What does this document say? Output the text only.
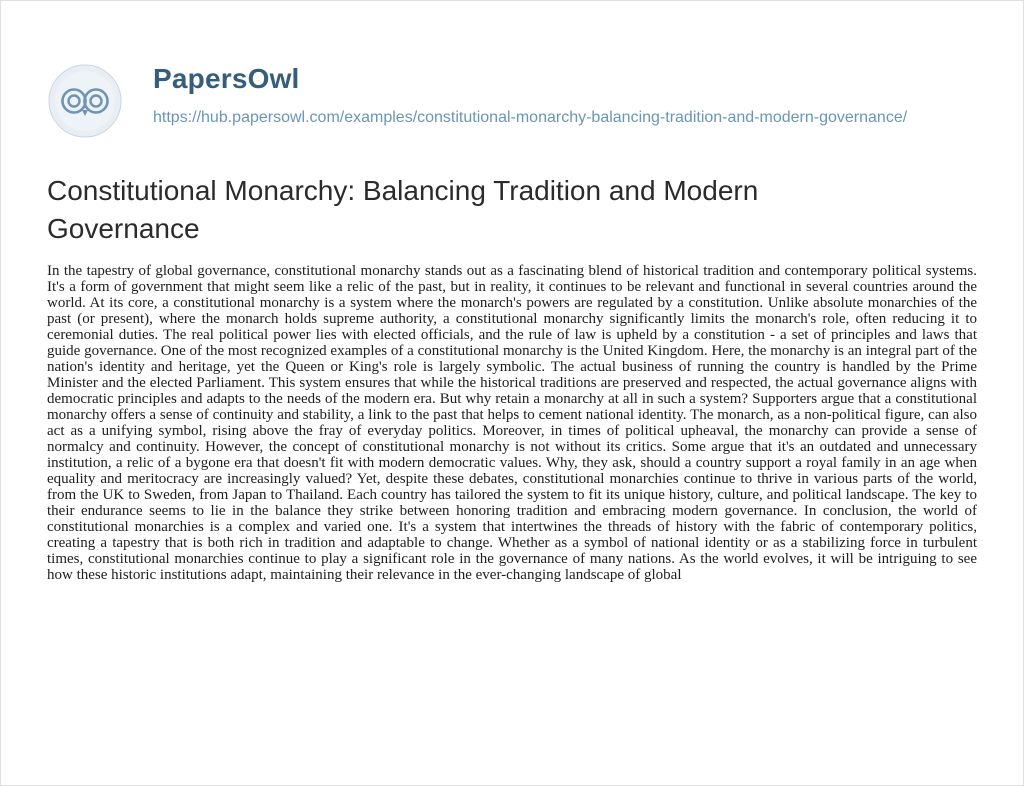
PapersOwl
https://hub.papersowl.com/examples/constitutional-monarchy-balancing-tradition-and-modern-governance/
Constitutional Monarchy: Balancing Tradition and Modern Governance

In the tapestry of global governance, constitutional monarchy stands out as a fascinating blend of historical tradition and contemporary political systems. It's a form of government that might seem like a relic of the past, but in reality, it continues to be relevant and functional in several countries around the world. At its core, a constitutional monarchy is a system where the monarch's powers are regulated by a constitution. Unlike absolute monarchies of the past (or present), where the monarch holds supreme authority, a constitutional monarchy significantly limits the monarch's role, often reducing it to ceremonial duties. The real political power lies with elected officials, and the rule of law is upheld by a constitution - a set of principles and laws that guide governance. One of the most recognized examples of a constitutional monarchy is the United Kingdom. Here, the monarchy is an integral part of the nation's identity and heritage, yet the Queen or King's role is largely symbolic. The actual business of running the country is handled by the Prime Minister and the elected Parliament. This system ensures that while the historical traditions are preserved and respected, the actual governance aligns with democratic principles and adapts to the needs of the modern era. But why retain a monarchy at all in such a system? Supporters argue that a constitutional monarchy offers a sense of continuity and stability, a link to the past that helps to cement national identity. The monarch, as a non-political figure, can also act as a unifying symbol, rising above the fray of everyday politics. Moreover, in times of political upheaval, the monarchy can provide a sense of normalcy and continuity. However, the concept of constitutional monarchy is not without its critics. Some argue that it's an outdated and unnecessary institution, a relic of a bygone era that doesn't fit with modern democratic values. Why, they ask, should a country support a royal family in an age when equality and meritocracy are increasingly valued? Yet, despite these debates, constitutional monarchies continue to thrive in various parts of the world, from the UK to Sweden, from Japan to Thailand. Each country has tailored the system to fit its unique history, culture, and political landscape. The key to their endurance seems to lie in the balance they strike between honoring tradition and embracing modern governance. In conclusion, the world of constitutional monarchies is a complex and varied one. It's a system that intertwines the threads of history with the fabric of contemporary politics, creating a tapestry that is both rich in tradition and adaptable to change. Whether as a symbol of national identity or as a stabilizing force in turbulent times, constitutional monarchies continue to play a significant role in the governance of many nations. As the world evolves, it will be intriguing to see how these historic institutions adapt, maintaining their relevance in the ever-changing landscape of global
